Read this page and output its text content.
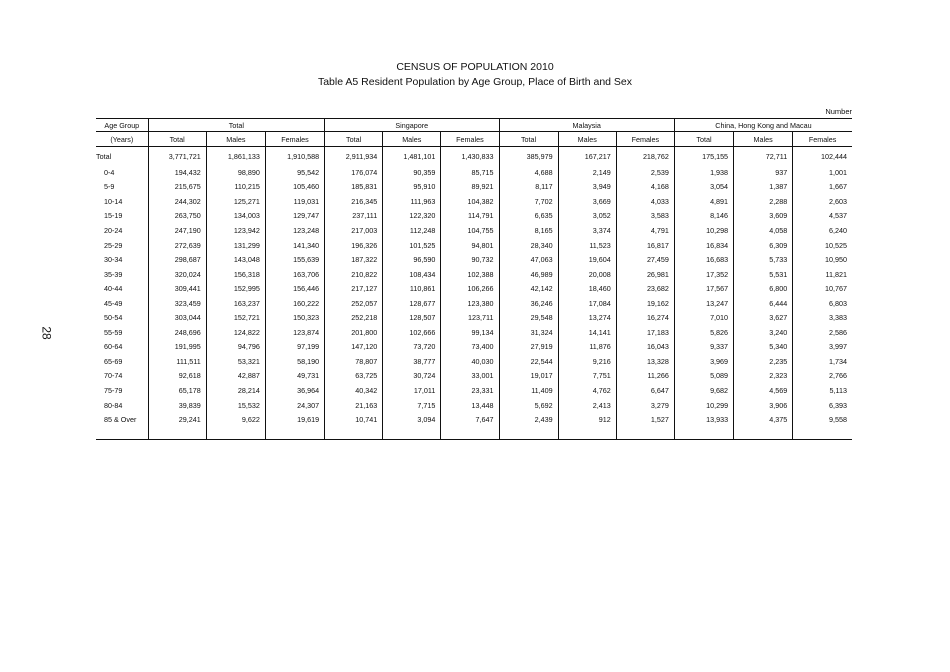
CENSUS OF POPULATION 2010
Table A5 Resident Population by Age Group, Place of Birth and Sex
28
Number
Age Group	Total			Singapore			Malaysia			China, Hong Kong and Macau		
(Years)	Total	Males	Females	Total	Males	Females	Total	Males	Females	Total	Males	Females
Total	3,771,721	1,861,133	1,910,588	2,911,934	1,481,101	1,430,833	385,979	167,217	218,762	175,155	72,711	102,444
0-4	194,432	98,890	95,542	176,074	90,359	85,715	4,688	2,149	2,539	1,938	937	1,001
5-9	215,675	110,215	105,460	185,831	95,910	89,921	8,117	3,949	4,168	3,054	1,387	1,667
10-14	244,302	125,271	119,031	216,345	111,963	104,382	7,702	3,669	4,033	4,891	2,288	2,603
15-19	263,750	134,003	129,747	237,111	122,320	114,791	6,635	3,052	3,583	8,146	3,609	4,537
20-24	247,190	123,942	123,248	217,003	112,248	104,755	8,165	3,374	4,791	10,298	4,058	6,240
25-29	272,639	131,299	141,340	196,326	101,525	94,801	28,340	11,523	16,817	16,834	6,309	10,525
30-34	298,687	143,048	155,639	187,322	96,590	90,732	47,063	19,604	27,459	16,683	5,733	10,950
35-39	320,024	156,318	163,706	210,822	108,434	102,388	46,989	20,008	26,981	17,352	5,531	11,821
40-44	309,441	152,995	156,446	217,127	110,861	106,266	42,142	18,460	23,682	17,567	6,800	10,767
45-49	323,459	163,237	160,222	252,057	128,677	123,380	36,246	17,084	19,162	13,247	6,444	6,803
50-54	303,044	152,721	150,323	252,218	128,507	123,711	29,548	13,274	16,274	7,010	3,627	3,383
55-59	248,696	124,822	123,874	201,800	102,666	99,134	31,324	14,141	17,183	5,826	3,240	2,586
60-64	191,995	94,796	97,199	147,120	73,720	73,400	27,919	11,876	16,043	9,337	5,340	3,997
65-69	111,511	53,321	58,190	78,807	38,777	40,030	22,544	9,216	13,328	3,969	2,235	1,734
70-74	92,618	42,887	49,731	63,725	30,724	33,001	19,017	7,751	11,266	5,089	2,323	2,766
75-79	65,178	28,214	36,964	40,342	17,011	23,331	11,409	4,762	6,647	9,682	4,569	5,113
80-84	39,839	15,532	24,307	21,163	7,715	13,448	5,692	2,413	3,279	10,299	3,906	6,393
85 & Over	29,241	9,622	19,619	10,741	3,094	7,647	2,439	912	1,527	13,933	4,375	9,558
